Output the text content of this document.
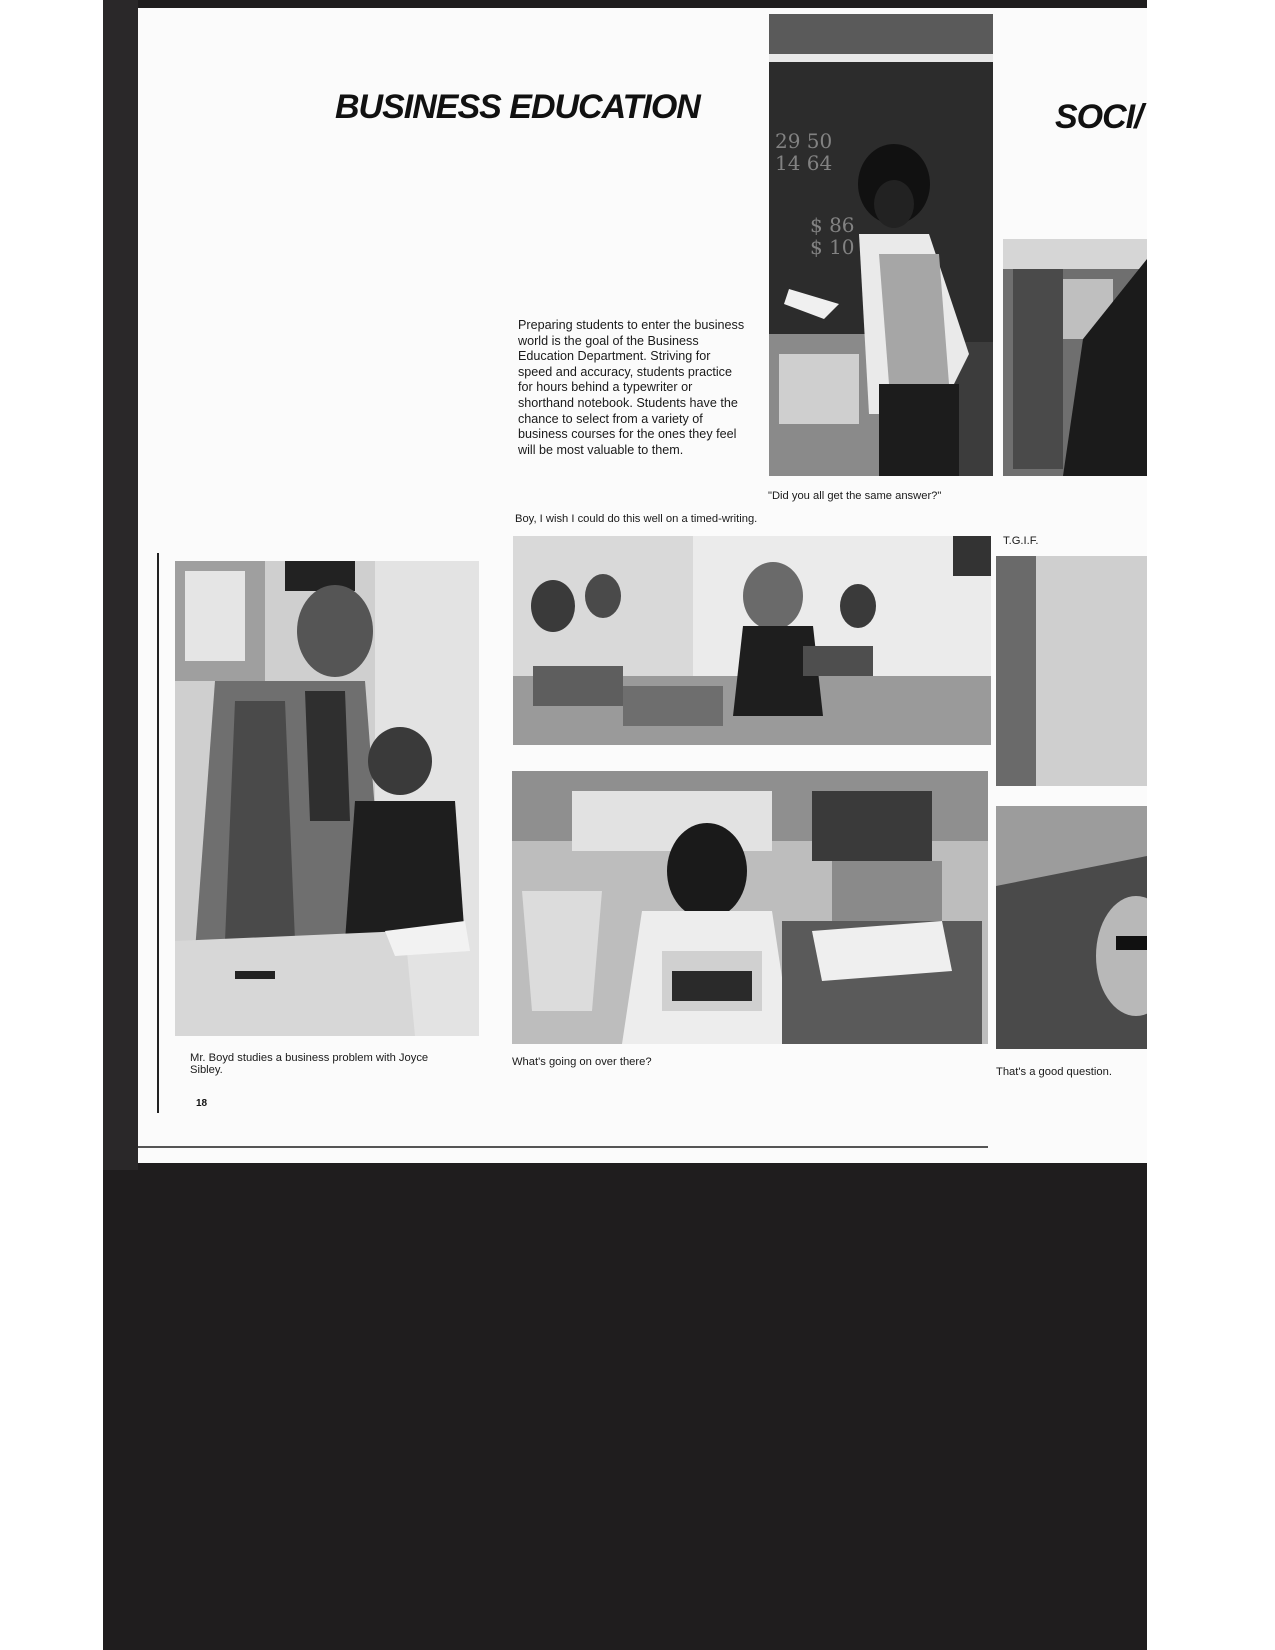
BUSINESS EDUCATION	SOCI/

Preparing students to enter the business world is the goal of the Business Education Department. Striving for speed and accuracy, students practice for hours behind a typewriter or shorthand notebook. Students have the chance to select from a variety of business courses for the ones they feel will be most valuable to them.

"Did you all get the same answer?"
29 50
14 64
$ 86
$ 10
Boy, I wish I could do this well on a timed-writing.
Mr. Boyd studies a business problem with Joyce Sibley.
What's going on over there?
T.G.I.F.
That's a good question.
18
